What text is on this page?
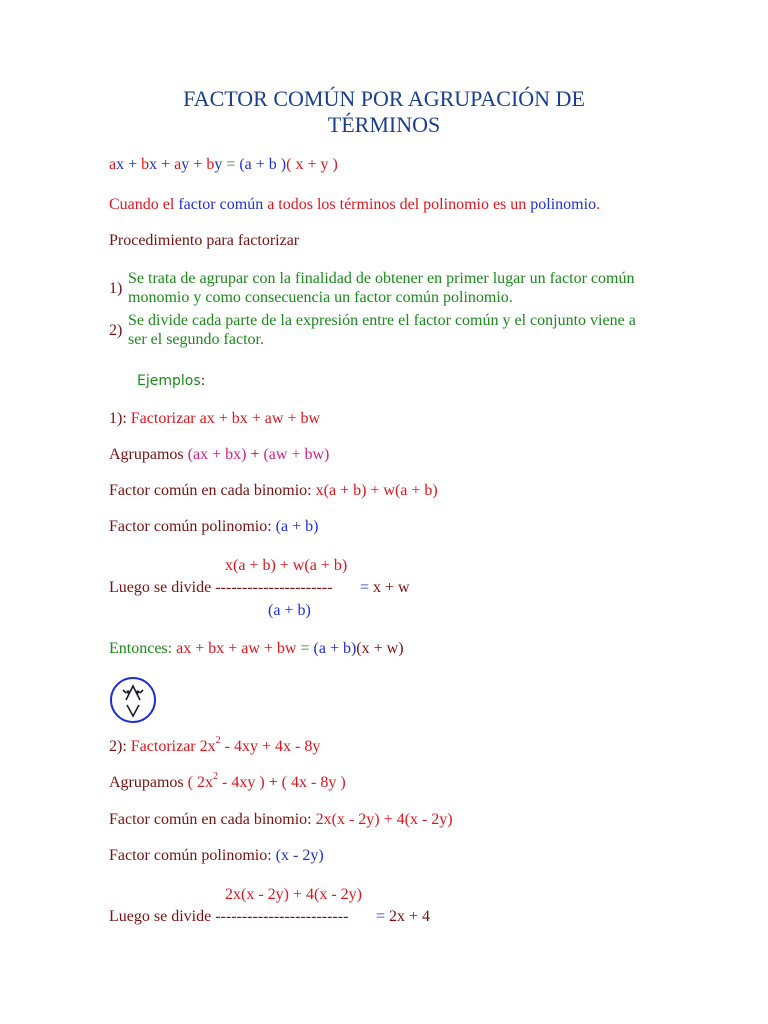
FACTOR COMÚN POR AGRUPACIÓN DE
TÉRMINOS
ax + bx + ay + by = (a + b )( x + y )
Cuando el factor común a todos los términos del polinomio es un polinomio.
Procedimiento para factorizar
1)
Se trata de agrupar con la finalidad de obtener en primer lugar un factor común monomio y como consecuencia un factor común polinomio.
2)
Se divide cada parte de la expresión entre el factor común y el conjunto viene a ser el segundo factor.
Ejemplos:
1): Factorizar ax + bx + aw + bw
Agrupamos (ax + bx) + (aw + bw)
Factor común en cada binomio: x(a + b) + w(a + b)
Factor común polinomio: (a + b)
x(a + b) + w(a + b)
Luego se divide ---------------------- = x + w
(a + b)
Entonces: ax + bx + aw + bw = (a + b)(x + w)
2): Factorizar $2x^2 - 4xy + 4x - 8y$
Agrupamos ( $2x^2 - 4xy$ ) + ( 4x - 8y )
Factor común en cada binomio: 2x(x - 2y) + 4(x - 2y)
Factor común polinomio: (x - 2y)
2x(x - 2y) + 4(x - 2y)
Luego se divide ------------------------- = 2x + 4
